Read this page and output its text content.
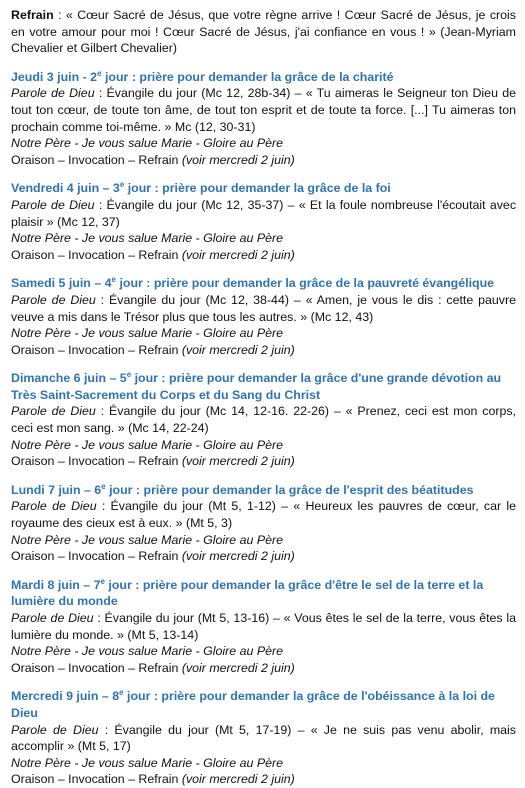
Refrain : « Cœur Sacré de Jésus, que votre règne arrive ! Cœur Sacré de Jésus, je crois en votre amour pour moi ! Cœur Sacré de Jésus, j'ai confiance en vous ! » (Jean-Myriam Chevalier et Gilbert Chevalier)

Jeudi 3 juin - 2e jour : prière pour demander la grâce de la charité

Parole de Dieu : Évangile du jour (Mc 12, 28b-34) – « Tu aimeras le Seigneur ton Dieu de tout ton cœur, de toute ton âme, de tout ton esprit et de toute ta force. [...] Tu aimeras ton prochain comme toi-même. » Mc (12, 30-31)

Notre Père - Je vous salue Marie - Gloire au Père

Oraison – Invocation – Refrain (voir mercredi 2 juin)

Vendredi 4 juin – 3e jour : prière pour demander la grâce de la foi

Parole de Dieu : Évangile du jour (Mc 12, 35-37) – « Et la foule nombreuse l'écoutait avec plaisir » (Mc 12, 37)

Notre Père - Je vous salue Marie - Gloire au Père

Oraison – Invocation – Refrain (voir mercredi 2 juin)

Samedi 5 juin – 4e jour : prière pour demander la grâce de la pauvreté évangélique

Parole de Dieu : Évangile du jour (Mc 12, 38-44) – « Amen, je vous le dis : cette pauvre veuve a mis dans le Trésor plus que tous les autres. » (Mc 12, 43)

Notre Père - Je vous salue Marie - Gloire au Père

Oraison – Invocation – Refrain (voir mercredi 2 juin)

Dimanche 6 juin – 5e jour : prière pour demander la grâce d'une grande dévotion au Très Saint-Sacrement du Corps et du Sang du Christ

Parole de Dieu : Évangile du jour (Mc 14, 12-16. 22-26) – « Prenez, ceci est mon corps, ceci est mon sang. » (Mc 14, 22-24)

Notre Père - Je vous salue Marie - Gloire au Père

Oraison – Invocation – Refrain (voir mercredi 2 juin)

Lundi 7 juin – 6e jour : prière pour demander la grâce de l'esprit des béatitudes

Parole de Dieu : Évangile du jour (Mt 5, 1-12) – « Heureux les pauvres de cœur, car le royaume des cieux est à eux. » (Mt 5, 3)

Notre Père - Je vous salue Marie - Gloire au Père

Oraison – Invocation – Refrain (voir mercredi 2 juin)

Mardi 8 juin – 7e jour : prière pour demander la grâce d'être le sel de la terre et la lumière du monde

Parole de Dieu : Évangile du jour (Mt 5, 13-16) – « Vous êtes le sel de la terre, vous êtes la lumière du monde. » (Mt 5, 13-14)

Notre Père - Je vous salue Marie - Gloire au Père

Oraison – Invocation – Refrain (voir mercredi 2 juin)

Mercredi 9 juin – 8e jour : prière pour demander la grâce de l'obéissance à la loi de Dieu

Parole de Dieu : Évangile du jour (Mt 5, 17-19) – « Je ne suis pas venu abolir, mais accomplir » (Mt 5, 17)

Notre Père - Je vous salue Marie - Gloire au Père

Oraison – Invocation – Refrain (voir mercredi 2 juin)
